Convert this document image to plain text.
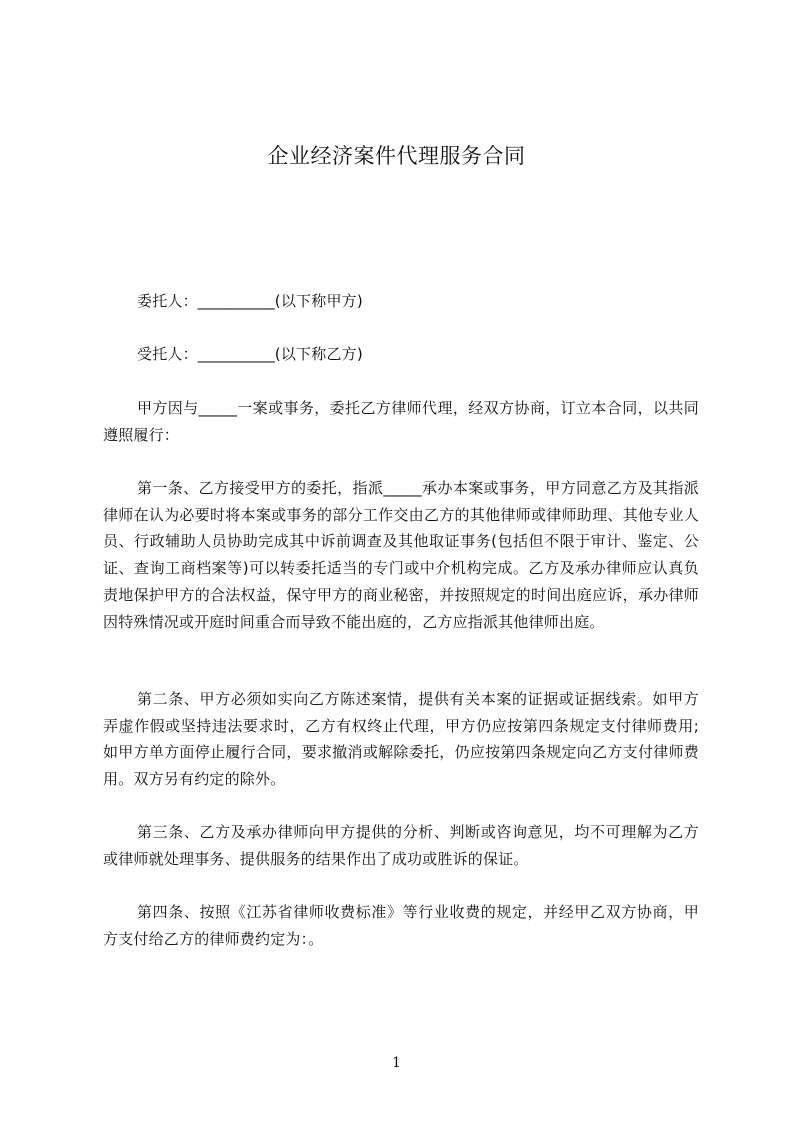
企业经济案件代理服务合同

委托人：__________(以下称甲方)

受托人：__________(以下称乙方)

甲方因与_____一案或事务，委托乙方律师代理，经双方协商，订立本合同，以共同遵照履行：

第一条、乙方接受甲方的委托，指派_____承办本案或事务，甲方同意乙方及其指派律师在认为必要时将本案或事务的部分工作交由乙方的其他律师或律师助理、其他专业人员、行政辅助人员协助完成其中诉前调查及其他取证事务(包括但不限于审计、鉴定、公证、查询工商档案等)可以转委托适当的专门或中介机构完成。乙方及承办律师应认真负责地保护甲方的合法权益，保守甲方的商业秘密，并按照规定的时间出庭应诉，承办律师因特殊情况或开庭时间重合而导致不能出庭的，乙方应指派其他律师出庭。

第二条、甲方必须如实向乙方陈述案情，提供有关本案的证据或证据线索。如甲方弄虚作假或坚持违法要求时，乙方有权终止代理，甲方仍应按第四条规定支付律师费用;如甲方单方面停止履行合同，要求撤消或解除委托，仍应按第四条规定向乙方支付律师费用。双方另有约定的除外。

第三条、乙方及承办律师向甲方提供的分析、判断或咨询意见，均不可理解为乙方或律师就处理事务、提供服务的结果作出了成功或胜诉的保证。

第四条、按照《江苏省律师收费标准》等行业收费的规定，并经甲乙双方协商，甲方支付给乙方的律师费约定为：。

1
